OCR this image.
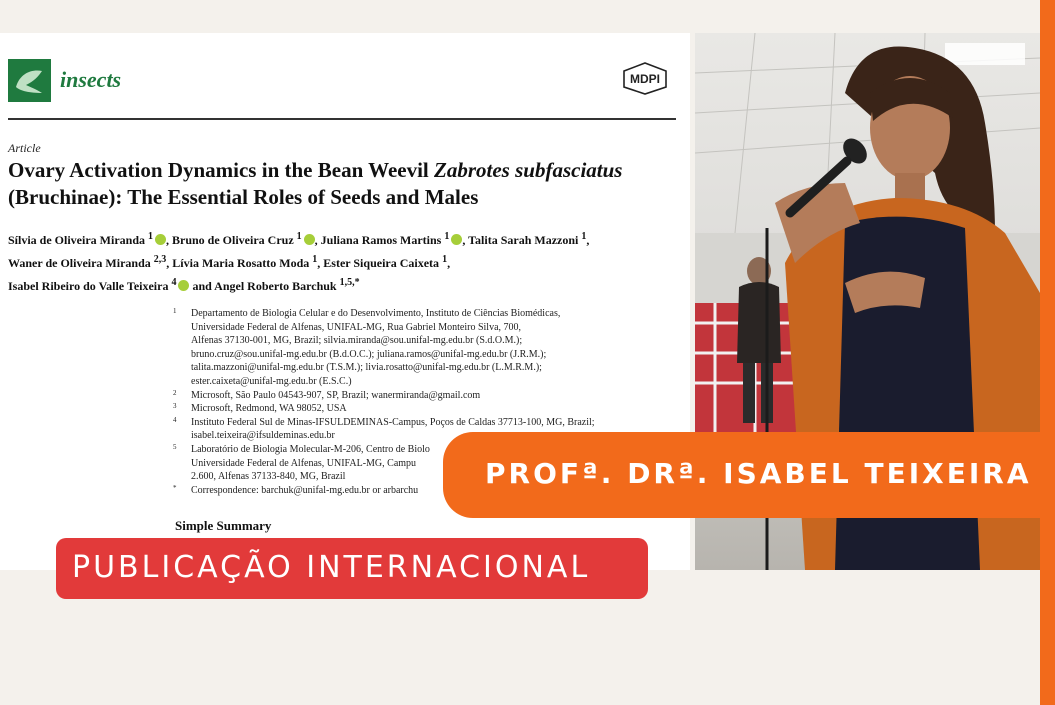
insects	MDPI
Article
Ovary Activation Dynamics in the Bean Weevil Zabrotes subfasciatus (Bruchinae): The Essential Roles of Seeds and Males
Sílvia de Oliveira Miranda $^1$ , Bruno de Oliveira Cruz $^1$ , Juliana Ramos Martins $^1$ , Talita Sarah Mazzoni $^1$,
Waner de Oliveira Miranda $^{2,3}$, Lívia Maria Rosatto Moda $^1$, Ester Siqueira Caixeta $^1$,
Isabel Ribeiro do Valle Teixeira $^4$ and Angel Roberto Barchuk $^{1,5,*}$
1 Departamento de Biologia Celular e do Desenvolvimento, Instituto de Ciências Biomédicas,
Universidade Federal de Alfenas, UNIFAL-MG, Rua Gabriel Monteiro Silva, 700,
Alfenas 37130-001, MG, Brazil; silvia.miranda@sou.unifal-mg.edu.br (S.d.O.M.);
bruno.cruz@sou.unifal-mg.edu.br (B.d.O.C.); juliana.ramos@unifal-mg.edu.br (J.R.M.);
talita.mazzoni@unifal-mg.edu.br (T.S.M.); livia.rosatto@unifal-mg.edu.br (L.M.R.M.);
ester.caixeta@unifal-mg.edu.br (E.S.C.)
2 Microsoft, São Paulo 04543-907, SP, Brazil; wanermiranda@gmail.com
3 Microsoft, Redmond, WA 98052, USA
4 Instituto Federal Sul de Minas-IFSULDEMINAS-Campus, Poços de Caldas 37713-100, MG, Brazil;
isabel.teixeira@ifsuldeminas.edu.br
5 Laboratório de Biologia Molecular-M-206, Centro de Biolo
Universidade Federal de Alfenas, UNIFAL-MG, Campu
2.600, Alfenas 37133-840, MG, Brazil
* Correspondence: barchuk@unifal-mg.edu.br or arbarchu
Simple Summary
PROFª. DRª. ISABEL TEIXEIRA
PUBLICAÇÃO INTERNACIONAL
